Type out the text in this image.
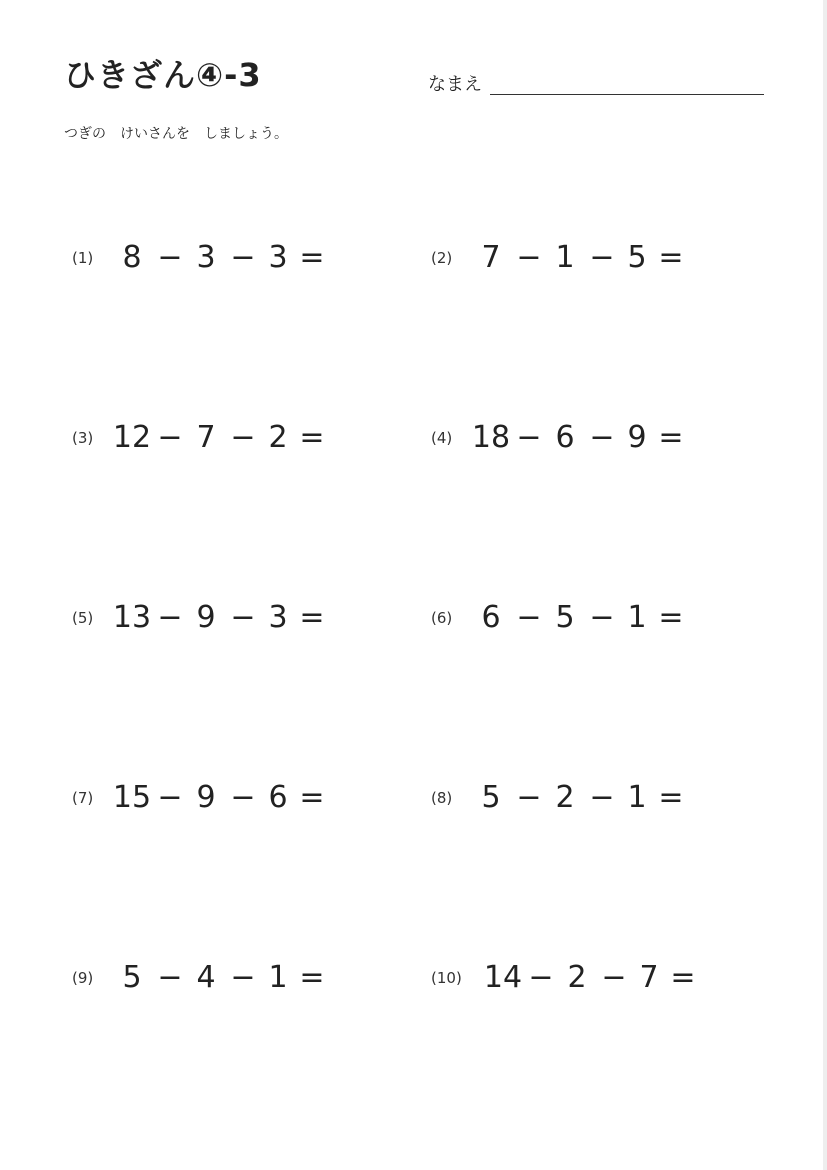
ひきざん④-3	なまえ
つぎの　けいさんを　しましょう。
(1) 8 − 3 − 3 =	(2) 7 − 1 − 5 =
(3) 12 − 7 − 2 =	(4) 18 − 6 − 9 =
(5) 13 − 9 − 3 =	(6) 6 − 5 − 1 =
(7) 15 − 9 − 6 =	(8) 5 − 2 − 1 =
(9) 5 − 4 − 1 =	(10) 14 − 2 − 7 =
